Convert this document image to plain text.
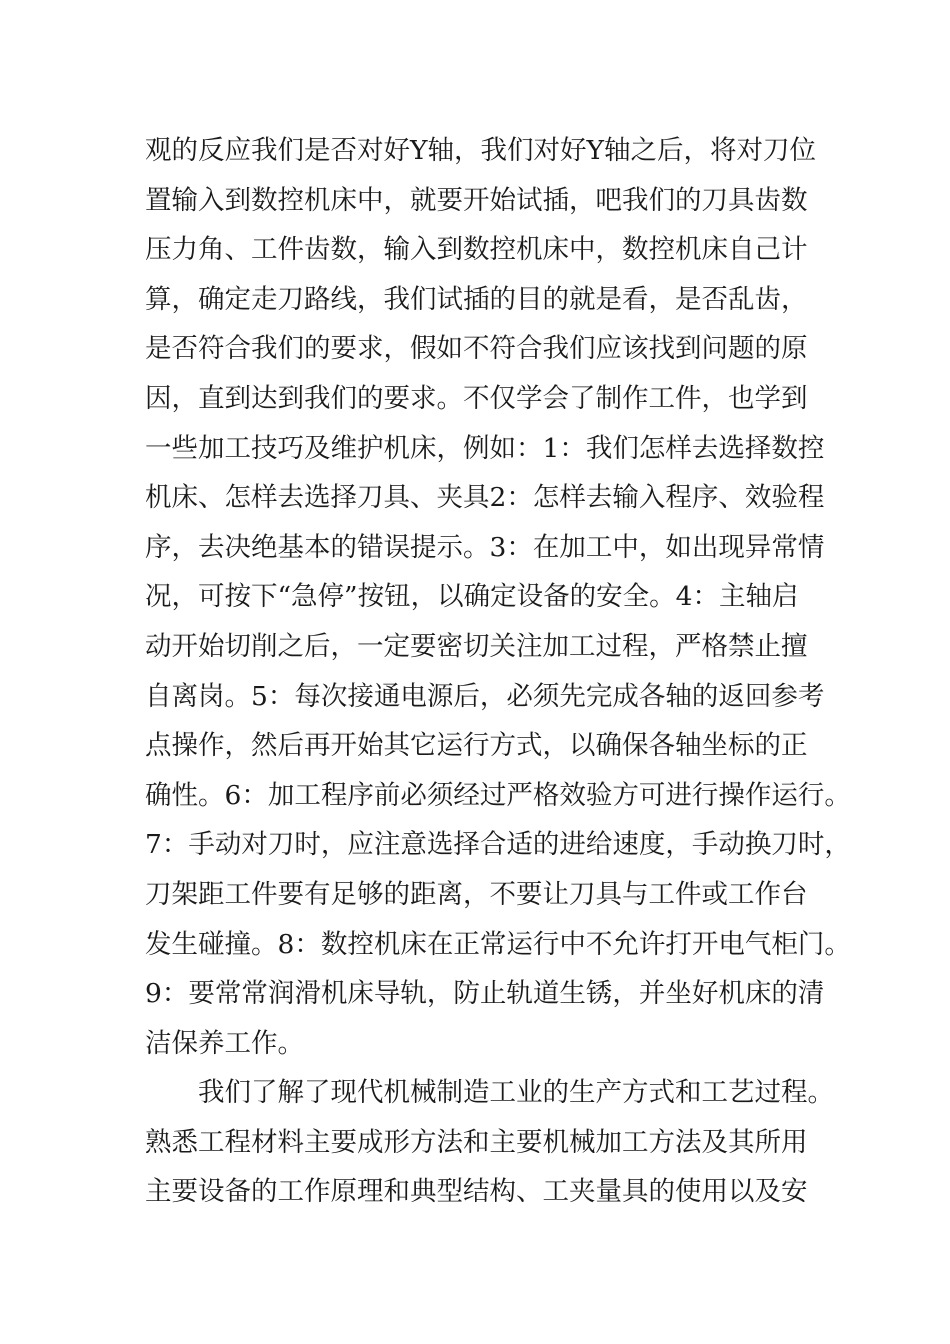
观的反应我们是否对好Y轴，我们对好Y轴之后，将对刀位
置输入到数控机床中，就要开始试插，吧我们的刀具齿数
压力角、工件齿数，输入到数控机床中，数控机床自己计
算，确定走刀路线，我们试插的目的就是看，是否乱齿，
是否符合我们的要求，假如不符合我们应该找到问题的原
因，直到达到我们的要求。不仅学会了制作工件，也学到
一些加工技巧及维护机床，例如：1：我们怎样去选择数控
机床、怎样去选择刀具、夹具2：怎样去输入程序、效验程
序，去决绝基本的错误提示。3：在加工中，如出现异常情
况，可按下“急停”按钮，以确定设备的安全。4：主轴启
动开始切削之后，一定要密切关注加工过程，严格禁止擅
自离岗。5：每次接通电源后，必须先完成各轴的返回参考
点操作，然后再开始其它运行方式，以确保各轴坐标的正
确性。6：加工程序前必须经过严格效验方可进行操作运行。
7：手动对刀时，应注意选择合适的进给速度，手动换刀时，
刀架距工件要有足够的距离，不要让刀具与工件或工作台
发生碰撞。8：数控机床在正常运行中不允许打开电气柜门。
9：要常常润滑机床导轨，防止轨道生锈，并坐好机床的清
洁保养工作。
我们了解了现代机械制造工业的生产方式和工艺过程。
熟悉工程材料主要成形方法和主要机械加工方法及其所用
主要设备的工作原理和典型结构、工夹量具的使用以及安
